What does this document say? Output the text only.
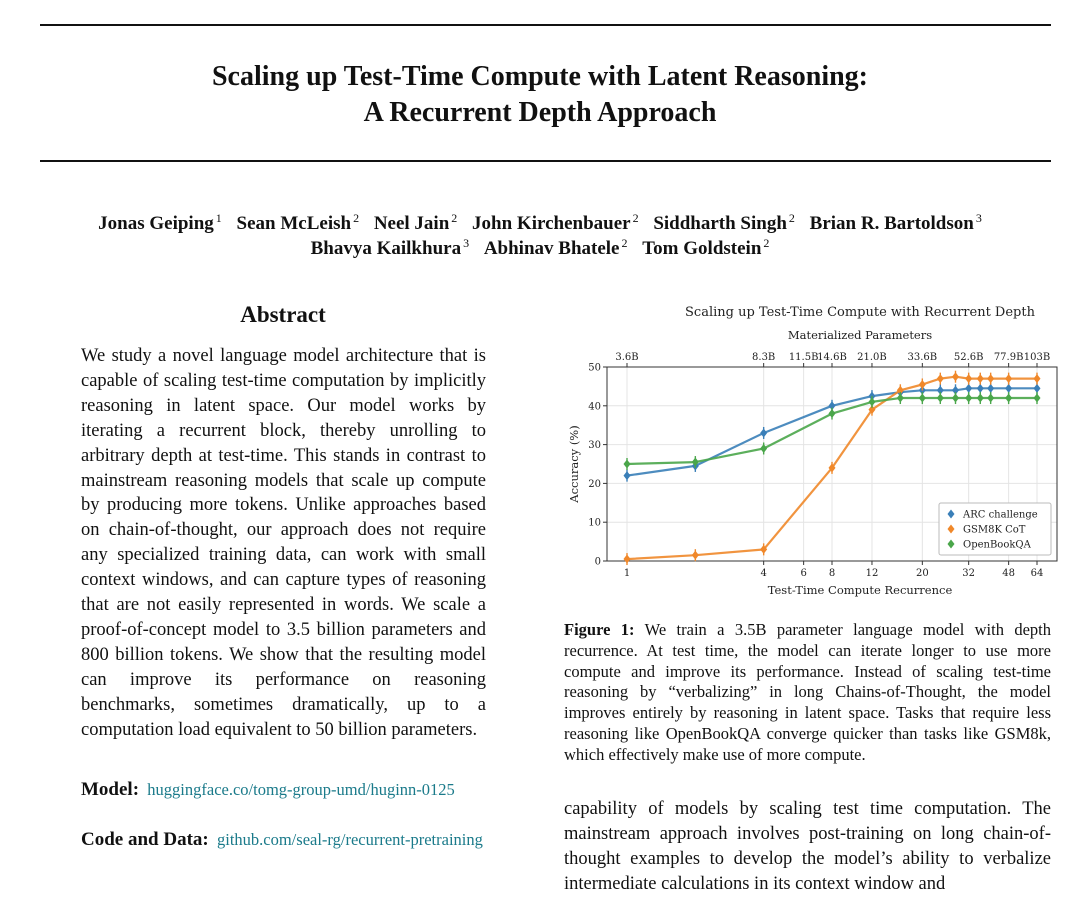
Scaling up Test-Time Compute with Latent Reasoning:
A Recurrent Depth Approach
Jonas Geiping $^1$ Sean McLeish $^2$ Neel Jain $^2$ John Kirchenbauer $^2$ Siddharth Singh $^2$ Brian R. Bartoldson $^3$
Bhavya Kailkhura $^3$ Abhinav Bhatele $^2$ Tom Goldstein $^2$
Abstract

We study a novel language model architecture that is capable of scaling test-time computation by implicitly reasoning in latent space. Our model works by iterating a recurrent block, thereby unrolling to arbitrary depth at test-time. This stands in contrast to mainstream reasoning models that scale up compute by producing more tokens. Unlike approaches based on chain-of-thought, our approach does not require any specialized training data, can work with small context windows, and can capture types of reasoning that are not easily represented in words. We scale a proof-of-concept model to 3.5 billion parameters and 800 billion tokens. We show that the resulting model can improve its performance on reasoning benchmarks, sometimes dramatically, up to a computation load equivalent to 50 billion parameters.

Model: huggingface.co/tomg-group-umd/huginn-0125
Code and Data: github.com/seal-rg/recurrent-pretraining
Scaling up Test-Time Compute with Recurrent Depth
Materialized Parameters
Test-Time Compute Recurrence
Accuracy (%)
0
10
20
30
40
50
1	4	6 8	12	20	32	48 64
3.6B	8.3B 11.5B
14.6B 21.0B 33.6B 52.6B 77.9B 103B
ARC challenge
GSM8K CoT
OpenBookQA

Figure 1: We train a 3.5B parameter language model with depth recurrence. At test time, the model can iterate longer to use more compute and improve its performance. Instead of scaling test-time reasoning by “verbalizing” in long Chains-of-Thought, the model improves entirely by reasoning in latent space. Tasks that require less reasoning like OpenBookQA converge quicker than tasks like GSM8k, which effectively make use of more compute.

capability of models by scaling test time computation. The mainstream approach involves post-training on long chain-of-thought examples to develop the model’s ability to verbalize intermediate calculations in its context window and
